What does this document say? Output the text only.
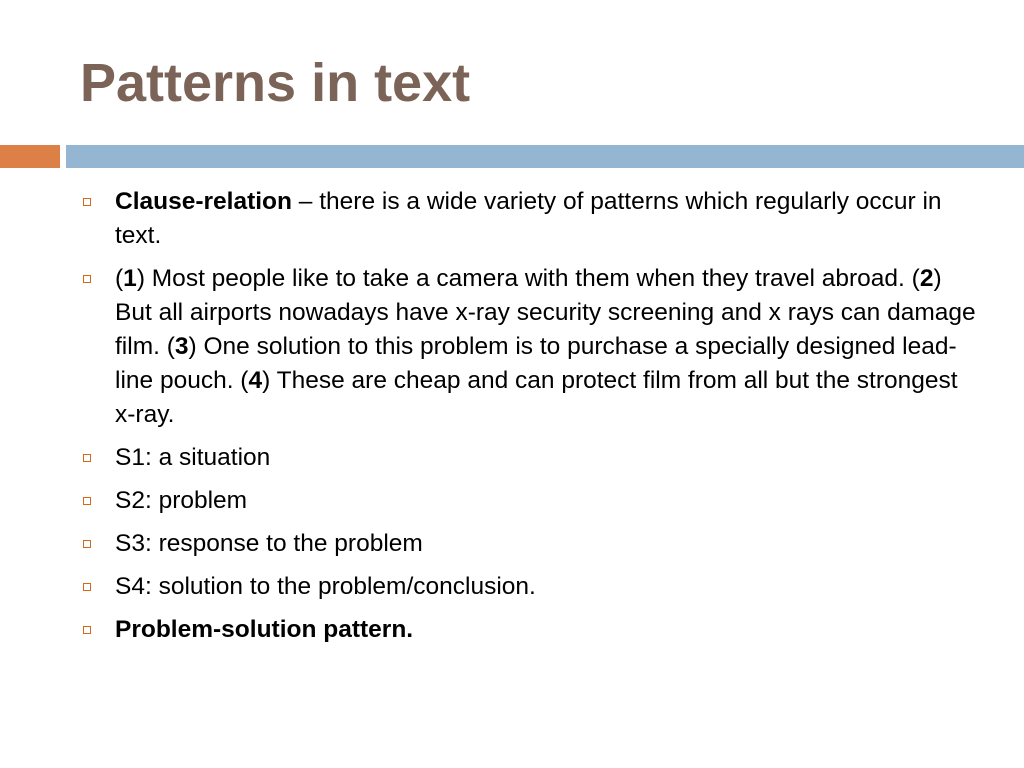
Patterns in text
Clause-relation – there is a wide variety of patterns which regularly occur in text.
(1) Most people like to take a camera with them when they travel abroad. (2) But all airports nowadays have x-ray security screening and x rays can damage film. (3) One solution to this problem is to purchase a specially designed lead-line pouch. (4) These are cheap and can protect film from all but the strongest x-ray.
S1: a situation
S2: problem
S3: response to the problem
S4: solution to the problem/conclusion.
Problem-solution pattern.
